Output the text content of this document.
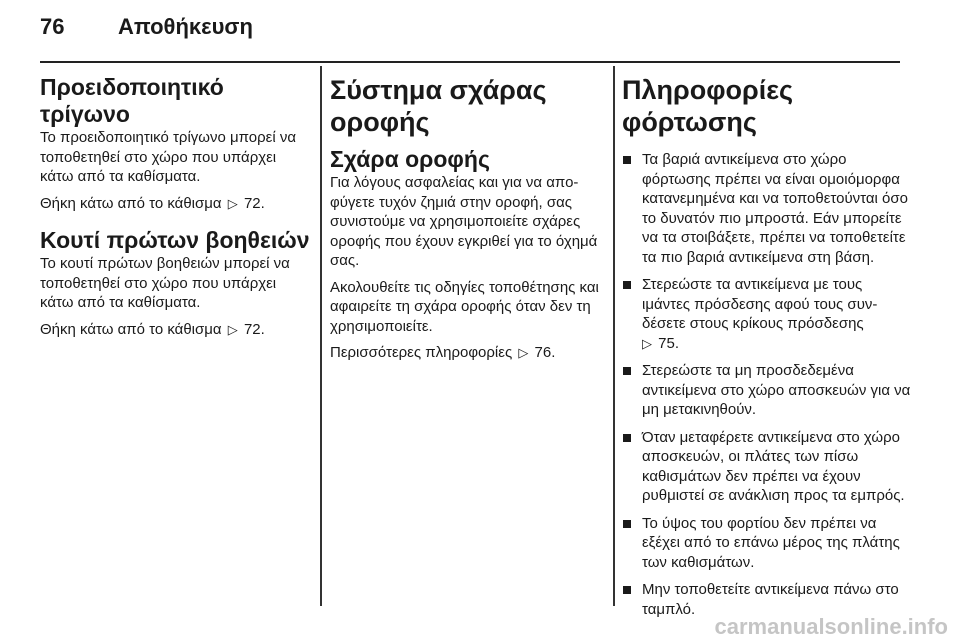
76 Αποθήκευση
Προειδοποιητικό τρίγωνο

Το προειδοποιητικό τρίγωνο μπορεί να τοποθετηθεί στο χώρο που υπάρχει κάτω από τα καθίσματα.

Θήκη κάτω από το κάθισμα ▷ 72.

Κουτί πρώτων βοηθειών

Το κουτί πρώτων βοηθειών μπορεί να τοποθετηθεί στο χώρο που υπάρχει κάτω από τα καθίσματα.

Θήκη κάτω από το κάθισμα ▷ 72.

Σύστημα σχάρας οροφής
Σχάρα οροφής

Για λόγους ασφαλείας και για να αποφύγετε τυχόν ζημιά στην οροφή, σας συνιστούμε να χρησιμοποιείτε σχάρες οροφής που έχουν εγκριθεί για το όχημά σας.

Ακολουθείτε τις οδηγίες τοποθέτησης και αφαιρείτε τη σχάρα οροφής όταν δεν τη χρησιμοποιείτε.

Περισσότερες πληροφορίες ▷ 76.

Πληροφορίες φόρτωσης
Τα βαριά αντικείμενα στο χώρο φόρτωσης πρέπει να είναι ομοιόμορφα κατανεμημένα και να τοποθετούνται όσο το δυνατόν πιο μπροστά. Εάν μπορείτε να τα στοιβάξετε, πρέπει να τοποθετείτε τα πιο βαριά αντικείμενα στη βάση.
Στερεώστε τα αντικείμενα με τους ιμάντες πρόσδεσης αφού τους συνδέσετε στους κρίκους πρόσδεσης
▷ 75.
Στερεώστε τα μη προσδεδεμένα αντικείμενα στο χώρο αποσκευών για να μη μετακινηθούν.
Όταν μεταφέρετε αντικείμενα στο χώρο αποσκευών, οι πλάτες των πίσω καθισμάτων δεν πρέπει να έχουν ρυθμιστεί σε ανάκλιση προς τα εμπρός.
Το ύψος του φορτίου δεν πρέπει να εξέχει από το επάνω μέρος της πλάτης των καθισμάτων.
Μην τοποθετείτε αντικείμενα πάνω στο ταμπλό.
carmanualsonline.info
